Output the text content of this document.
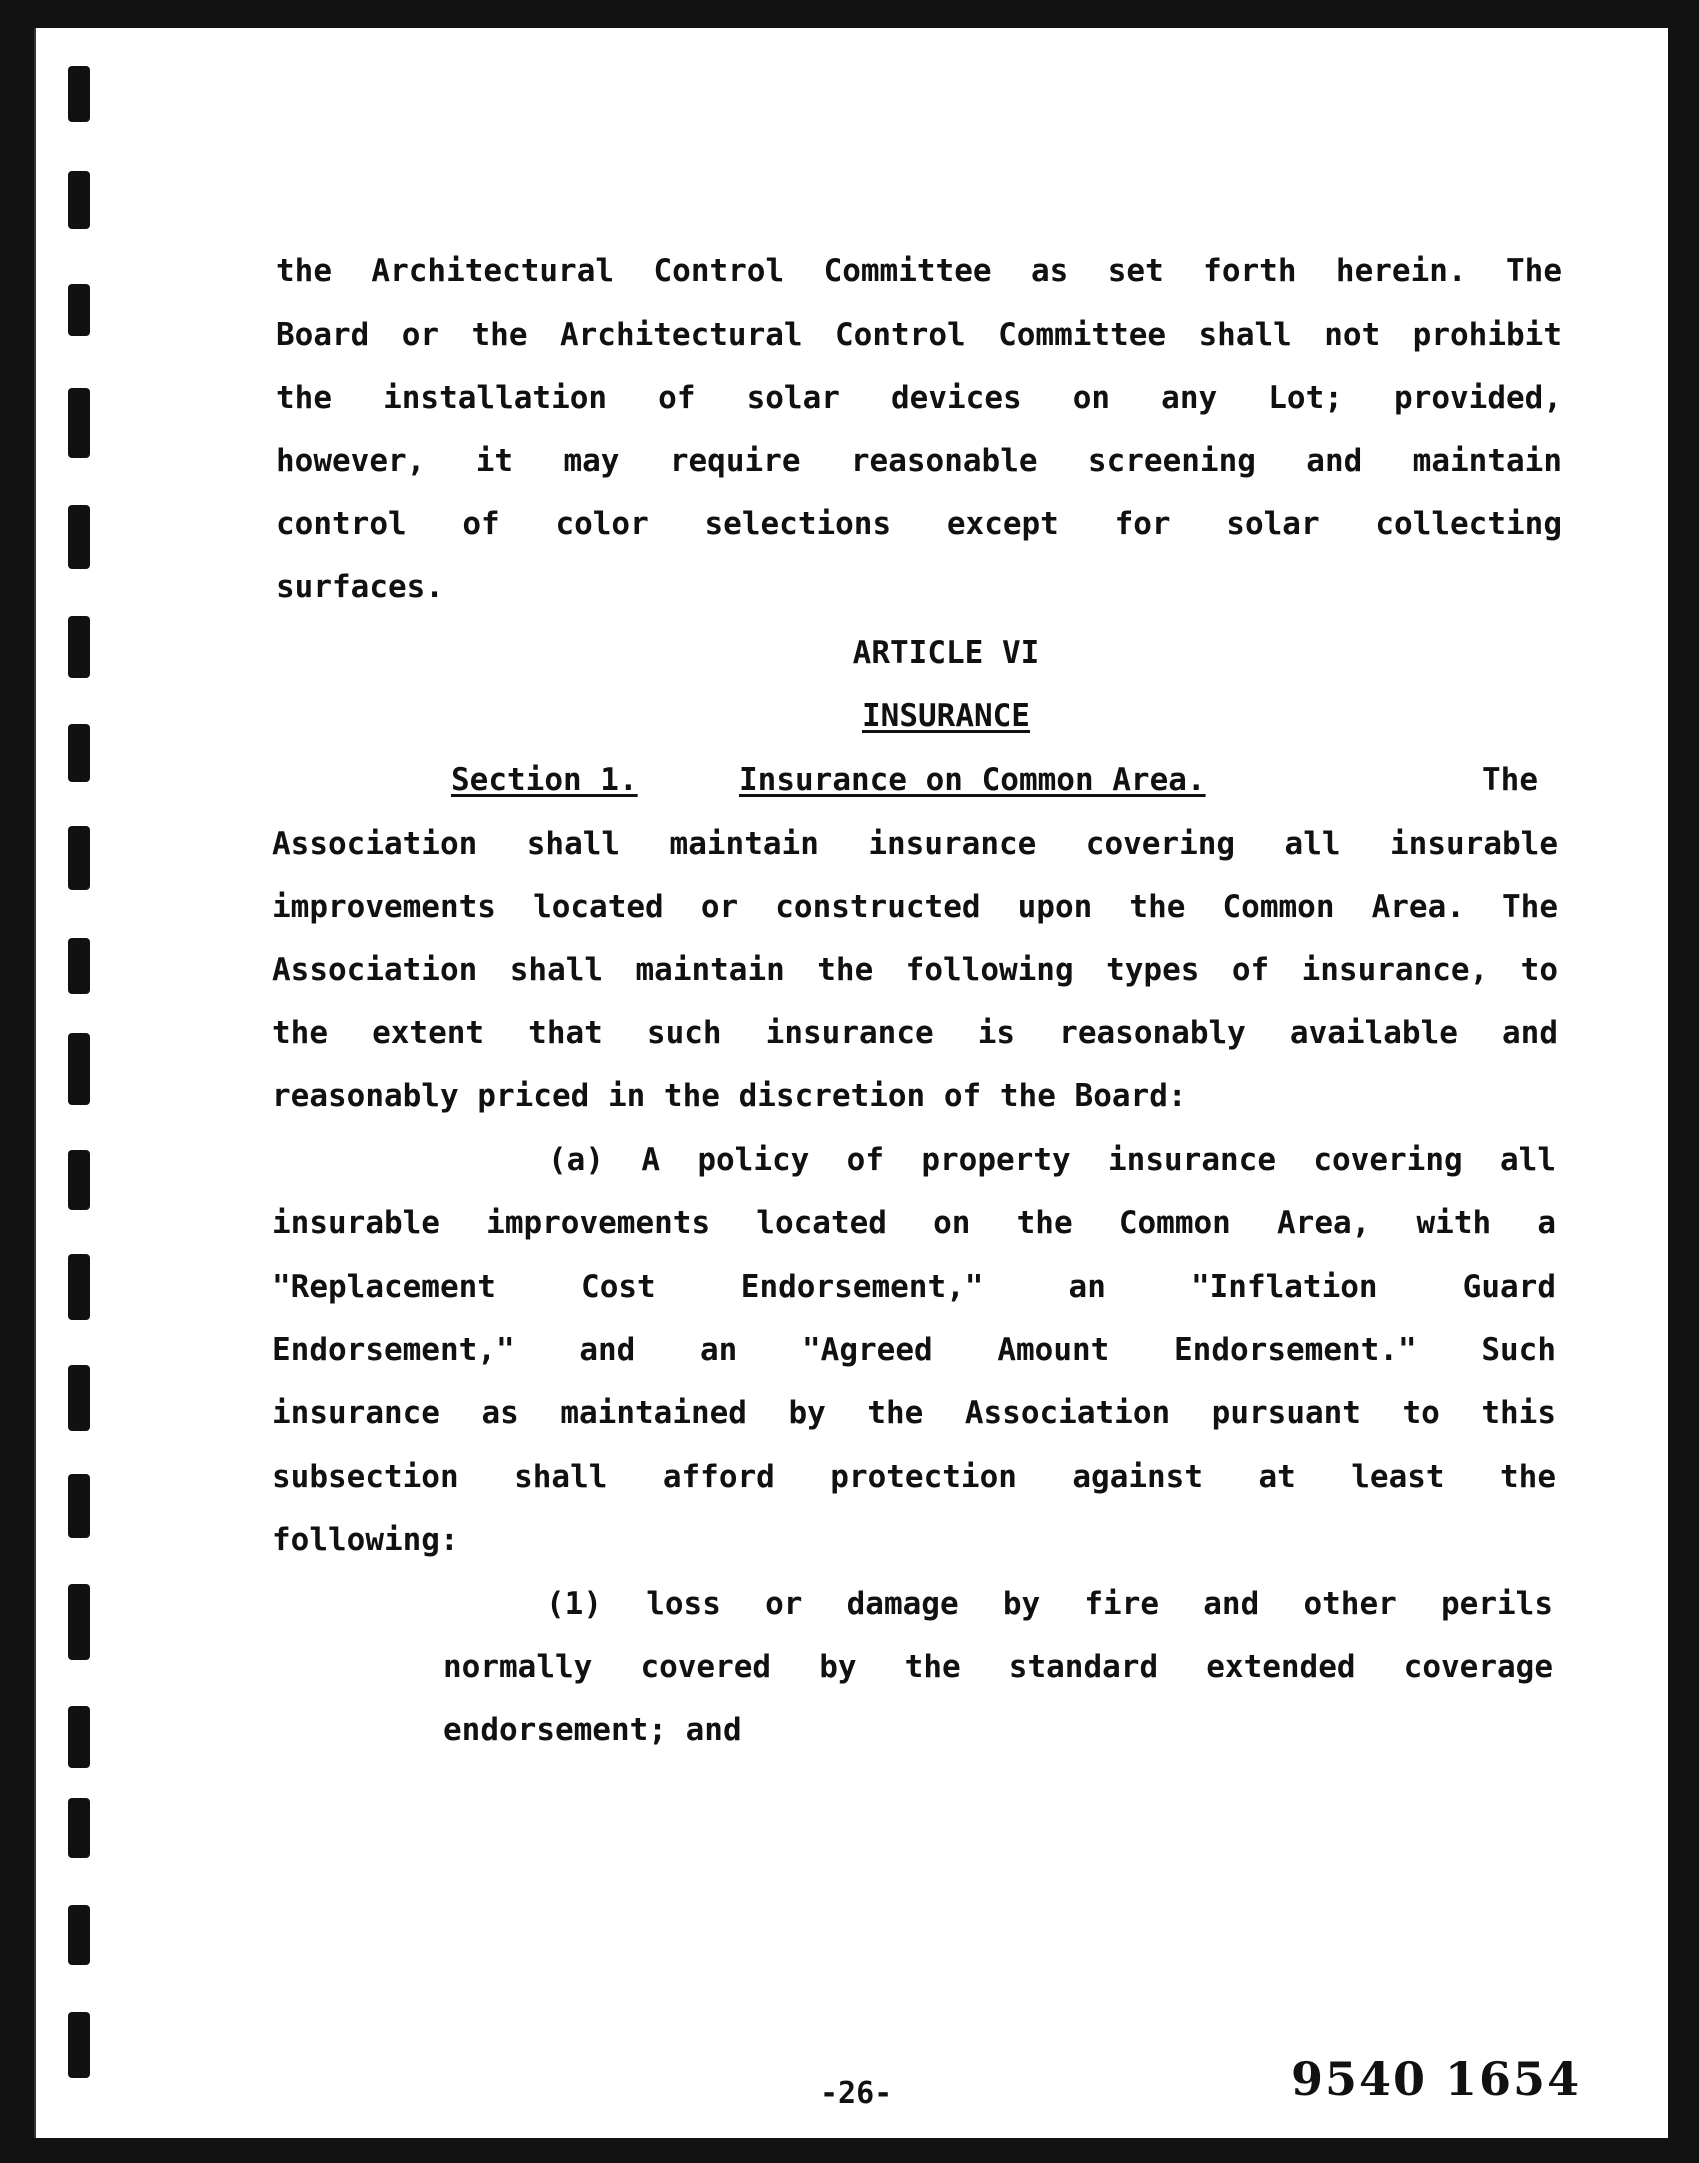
the Architectural Control Committee as set forth herein. The
Board or the Architectural Control Committee shall not prohibit
the installation of solar devices on any Lot; provided,
however, it may require reasonable screening and maintain
control of color selections except for solar collecting
surfaces.
ARTICLE VI
INSURANCE
Section 1.	Insurance on Common Area.	The
Association shall maintain insurance covering all insurable
improvements located or constructed upon the Common Area. The
Association shall maintain the following types of insurance, to
the extent that such insurance is reasonably available and
reasonably priced in the discretion of the Board:
(a) A policy of property insurance covering all
insurable improvements located on the Common Area, with a
"Replacement Cost Endorsement," an "Inflation Guard
Endorsement," and an "Agreed Amount Endorsement." Such
insurance as maintained by the Association pursuant to this
subsection shall afford protection against at least the
following:
(1) loss or damage by fire and other perils
normally covered by the standard extended coverage
endorsement; and
-26-	9540 1654
